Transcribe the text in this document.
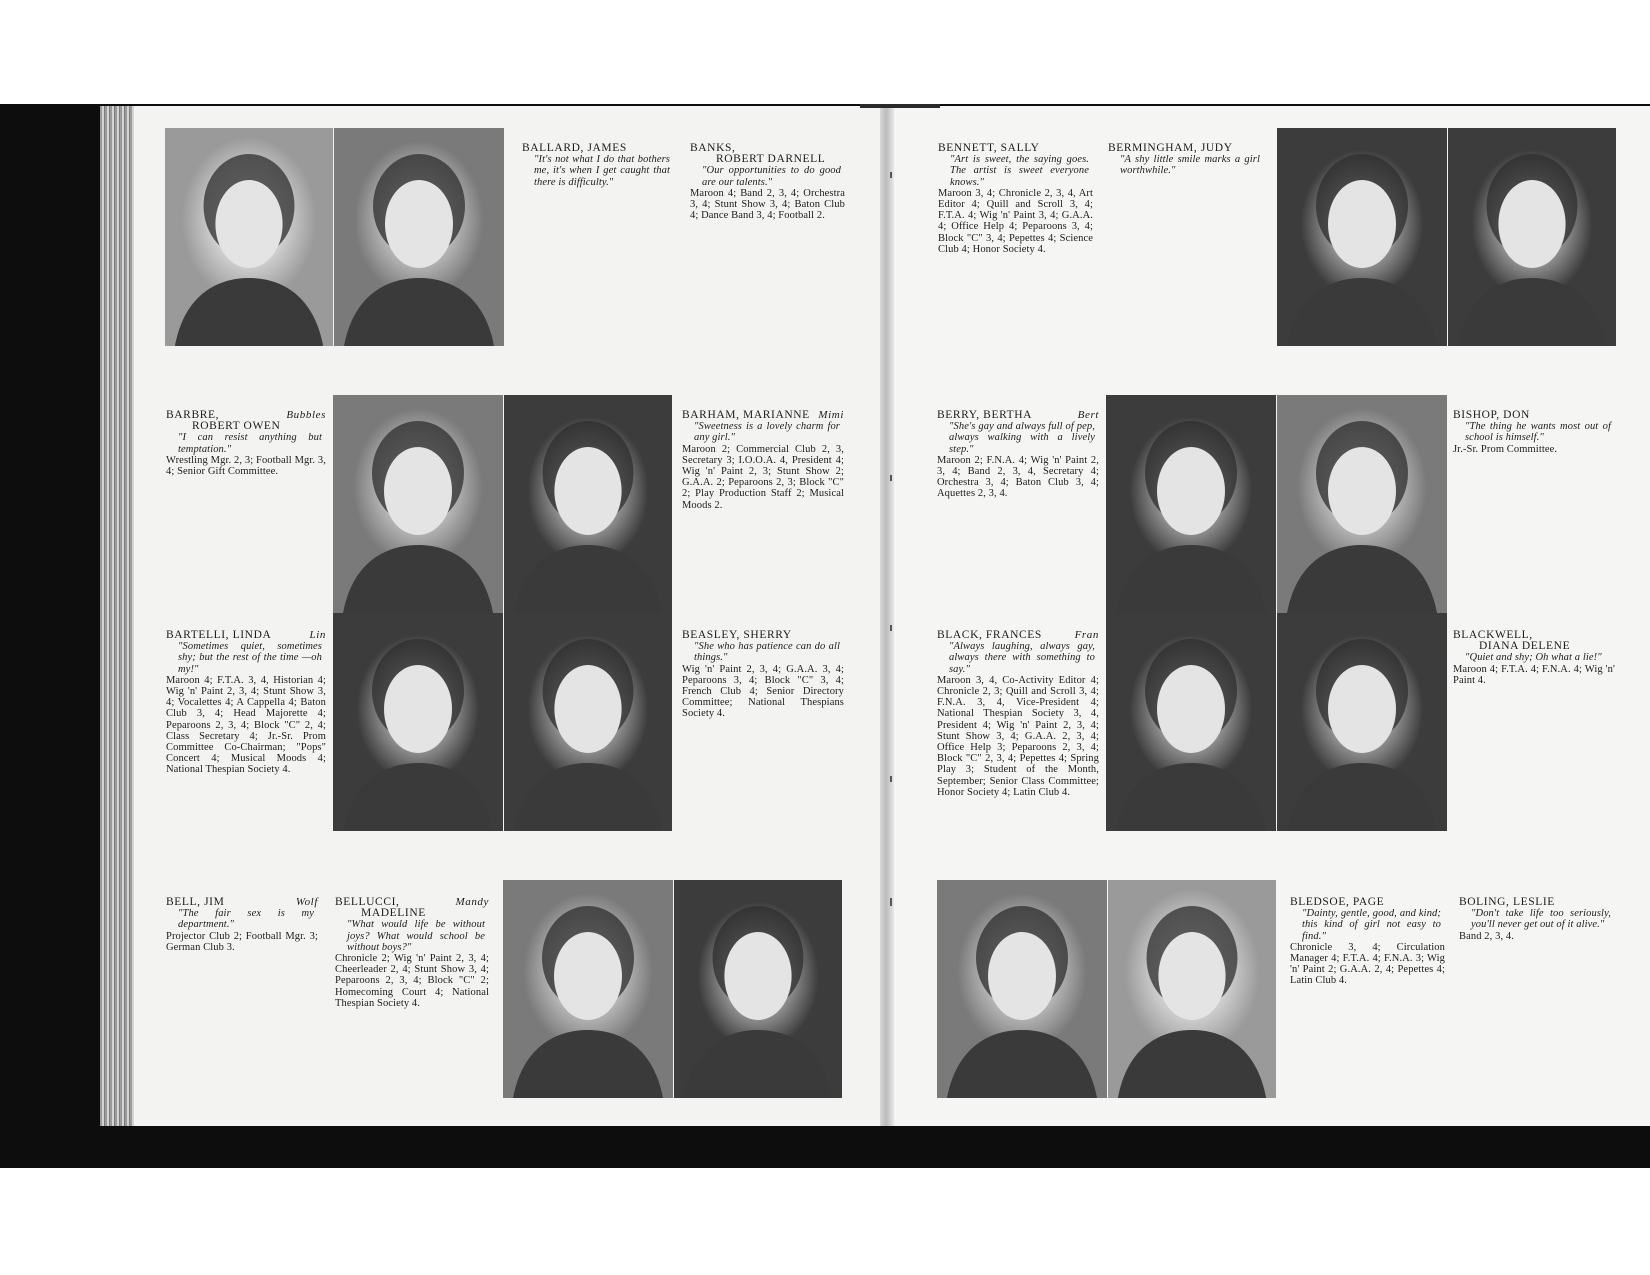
BALLARD, JAMES
"It's not what I do that bothers me, it's when I get caught that there is difficulty."
BANKS,
ROBERT DARNELL
"Our opportunities to do good are our talents."
Maroon 4; Band 2, 3, 4; Orchestra 3, 4; Stunt Show 3, 4; Baton Club 4; Dance Band 3, 4; Football 2.
BARBRE,	Bubbles
ROBERT OWEN
"I can resist anything but temptation."
Wrestling Mgr. 2, 3; Football Mgr. 3, 4; Senior Gift Committee.
BARHAM, MARIANNE Mimi
"Sweetness is a lovely charm for any girl."
Maroon 2; Commercial Club 2, 3, Secretary 3; I.O.O.A. 4, President 4; Wig 'n' Paint 2, 3; Stunt Show 2; G.A.A. 2; Peparoons 2, 3; Block "C" 2; Play Production Staff 2; Musical Moods 2.
BARTELLI, LINDA	Lin
"Sometimes quiet, sometimes shy; but the rest of the time —oh my!"
Maroon 4; F.T.A. 3, 4, Historian 4; Wig 'n' Paint 2, 3, 4; Stunt Show 3, 4; Vocalettes 4; A Cappella 4; Baton Club 3, 4; Head Majorette 4; Peparoons 2, 3, 4; Block "C" 2, 4; Class Secretary 4; Jr.-Sr. Prom Committee Co-Chairman; "Pops" Concert 4; Musical Moods 4; National Thespian Society 4.
BEASLEY, SHERRY
"She who has patience can do all things."
Wig 'n' Paint 2, 3, 4; G.A.A. 3, 4; Peparoons 3, 4; Block "C" 3, 4; French Club 4; Senior Directory Committee; National Thespians Society 4.
BELL, JIM	Wolf
"The fair sex is my department."
Projector Club 2; Football Mgr. 3; German Club 3.
BELLUCCI,	Mandy
MADELINE
"What would life be without joys? What would school be without boys?"
Chronicle 2; Wig 'n' Paint 2, 3, 4; Cheerleader 2, 4; Stunt Show 3, 4; Peparoons 2, 3, 4; Block "C" 2; Homecoming Court 4; National Thespian Society 4.
BENNETT, SALLY
"Art is sweet, the saying goes. The artist is sweet everyone knows."
Maroon 3, 4; Chronicle 2, 3, 4, Art Editor 4; Quill and Scroll 3, 4; F.T.A. 4; Wig 'n' Paint 3, 4; G.A.A. 4; Office Help 4; Peparoons 3, 4; Block "C" 3, 4; Pepettes 4; Science Club 4; Honor Society 4.
BERMINGHAM, JUDY
"A shy little smile marks a girl worthwhile."
BERRY, BERTHA	Bert
"She's gay and always full of pep, always walking with a lively step."
Maroon 2; F.N.A. 4; Wig 'n' Paint 2, 3, 4; Band 2, 3, 4, Secretary 4; Orchestra 3, 4; Baton Club 3, 4; Aquettes 2, 3, 4.
BISHOP, DON
"The thing he wants most out of school is himself."
Jr.-Sr. Prom Committee.
BLACK, FRANCES	Fran
"Always laughing, always gay, always there with something to say."
Maroon 3, 4, Co-Activity Editor 4; Chronicle 2, 3; Quill and Scroll 3, 4; F.N.A. 3, 4, Vice-President 4; National Thespian Society 3, 4, President 4; Wig 'n' Paint 2, 3, 4; Stunt Show 3, 4; G.A.A. 2, 3, 4; Office Help 3; Peparoons 2, 3, 4; Block "C" 2, 3, 4; Pepettes 4; Spring Play 3; Student of the Month, September; Senior Class Committee; Honor Society 4; Latin Club 4.
BLACKWELL,
DIANA DELENE
"Quiet and shy; Oh what a lie!"
Maroon 4; F.T.A. 4; F.N.A. 4; Wig 'n' Paint 4.
BLEDSOE, PAGE
"Dainty, gentle, good, and kind; this kind of girl not easy to find."
Chronicle 3, 4; Circulation Manager 4; F.T.A. 4; F.N.A. 3; Wig 'n' Paint 2; G.A.A. 2, 4; Pepettes 4; Latin Club 4.
BOLING, LESLIE
"Don't take life too seriously, you'll never get out of it alive."
Band 2, 3, 4.
